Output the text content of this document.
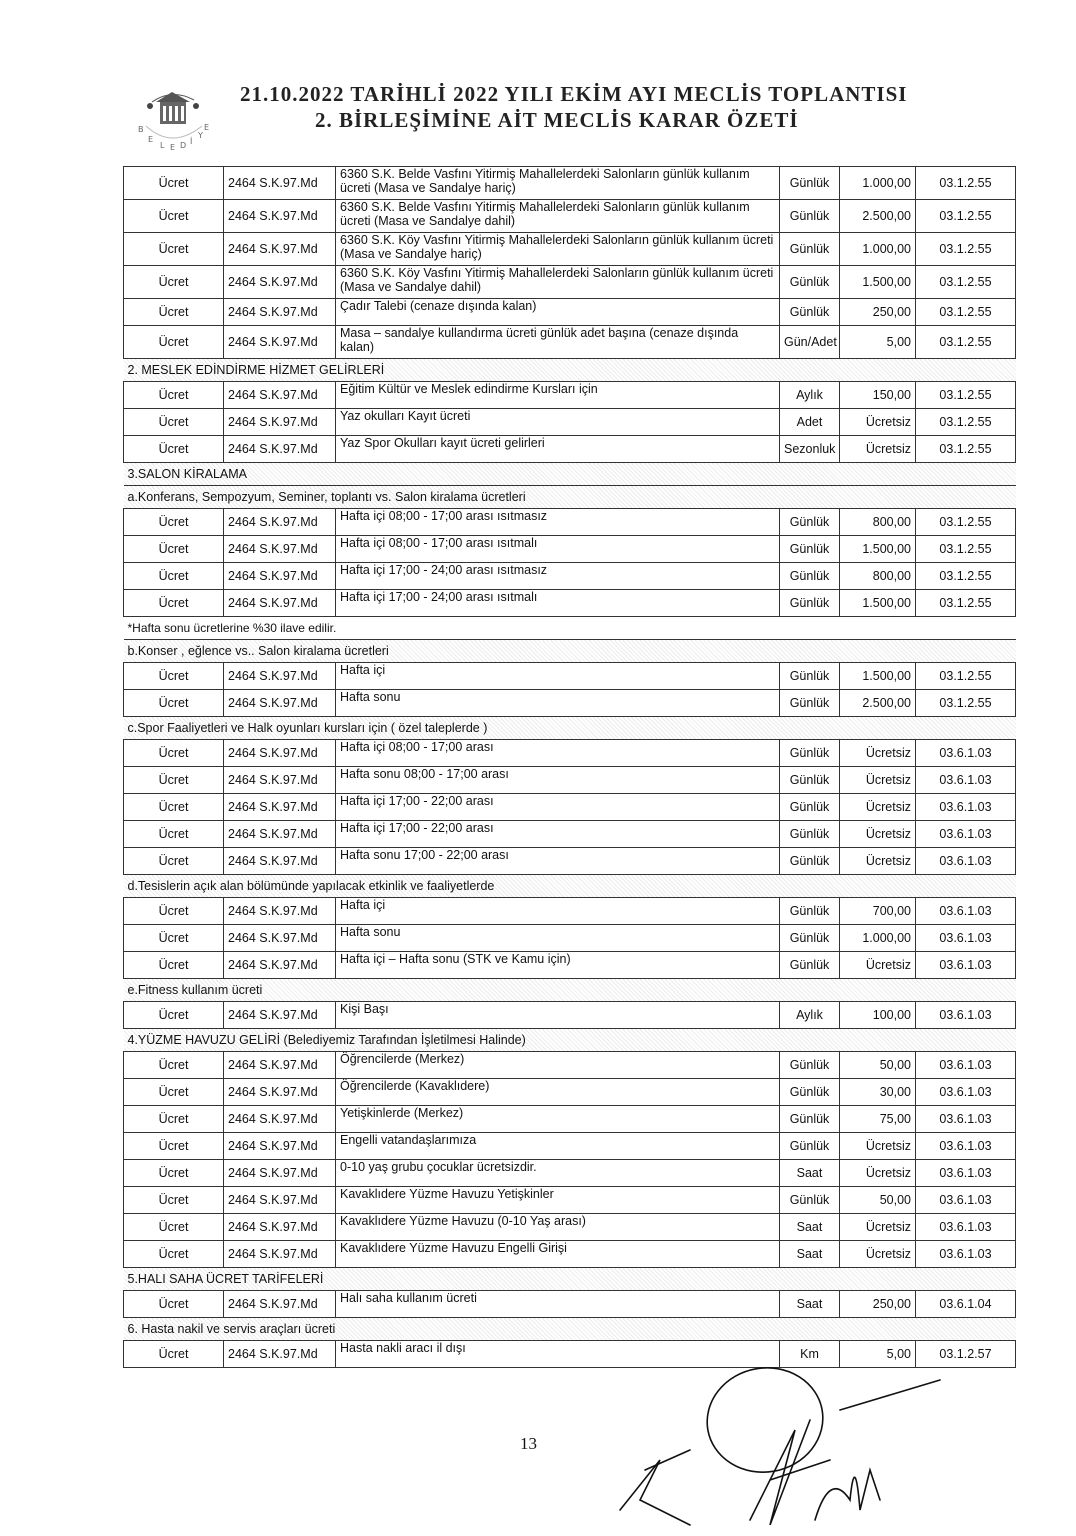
B
E
L E D İ
Y
E
21.10.2022 TARİHLİ 2022 YILI EKİM AYI MECLİS TOPLANTISI
2. BİRLEŞİMİNE AİT MECLİS KARAR ÖZETİ
Ücret	2464 S.K.97.Md	6360 S.K. Belde Vasfını Yitirmiş Mahallelerdeki Salonların günlük kullanım ücreti (Masa ve Sandalye hariç)	Günlük	1.000,00	03.1.2.55
Ücret	2464 S.K.97.Md	6360 S.K. Belde Vasfını Yitirmiş Mahallelerdeki Salonların günlük kullanım ücreti (Masa ve Sandalye dahil)	Günlük	2.500,00	03.1.2.55
Ücret	2464 S.K.97.Md	6360 S.K. Köy Vasfını Yitirmiş Mahallelerdeki Salonların günlük kullanım ücreti (Masa ve Sandalye hariç)	Günlük	1.000,00	03.1.2.55
Ücret	2464 S.K.97.Md	6360 S.K. Köy Vasfını Yitirmiş Mahallelerdeki Salonların günlük kullanım ücreti (Masa ve Sandalye dahil)	Günlük	1.500,00	03.1.2.55
Ücret	2464 S.K.97.Md	Çadır Talebi (cenaze dışında kalan)	Günlük	250,00	03.1.2.55
Ücret	2464 S.K.97.Md	Masa – sandalye kullandırma ücreti günlük adet başına (cenaze dışında kalan)	Gün/Adet	5,00	03.1.2.55
2. MESLEK EDİNDİRME HİZMET GELİRLERİ					
Ücret	2464 S.K.97.Md	Eğitim Kültür ve Meslek edindirme Kursları için	Aylık	150,00	03.1.2.55
Ücret	2464 S.K.97.Md	Yaz okulları Kayıt ücreti	Adet	Ücretsiz	03.1.2.55
Ücret	2464 S.K.97.Md	Yaz Spor Okulları kayıt ücreti gelirleri	Sezonluk	Ücretsiz	03.1.2.55
3.SALON KİRALAMA					
a.Konferans, Sempozyum, Seminer, toplantı vs. Salon kiralama ücretleri					
Ücret	2464 S.K.97.Md	Hafta içi 08;00 - 17;00 arası ısıtmasız	Günlük	800,00	03.1.2.55
Ücret	2464 S.K.97.Md	Hafta içi 08;00 - 17;00 arası ısıtmalı	Günlük	1.500,00	03.1.2.55
Ücret	2464 S.K.97.Md	Hafta içi 17;00 - 24;00 arası ısıtmasız	Günlük	800,00	03.1.2.55
Ücret	2464 S.K.97.Md	Hafta içi 17;00 - 24;00 arası ısıtmalı	Günlük	1.500,00	03.1.2.55
*Hafta sonu ücretlerine %30 ilave edilir.					
b.Konser , eğlence vs.. Salon kiralama ücretleri					
Ücret	2464 S.K.97.Md	Hafta içi	Günlük	1.500,00	03.1.2.55
Ücret	2464 S.K.97.Md	Hafta sonu	Günlük	2.500,00	03.1.2.55
c.Spor Faaliyetleri ve Halk oyunları kursları için ( özel taleplerde )					
Ücret	2464 S.K.97.Md	Hafta içi 08;00 - 17;00 arası	Günlük	Ücretsiz	03.6.1.03
Ücret	2464 S.K.97.Md	Hafta sonu 08;00 - 17;00 arası	Günlük	Ücretsiz	03.6.1.03
Ücret	2464 S.K.97.Md	Hafta içi 17;00 - 22;00 arası	Günlük	Ücretsiz	03.6.1.03
Ücret	2464 S.K.97.Md	Hafta içi 17;00 - 22;00 arası	Günlük	Ücretsiz	03.6.1.03
Ücret	2464 S.K.97.Md	Hafta sonu 17;00 - 22;00 arası	Günlük	Ücretsiz	03.6.1.03
d.Tesislerin açık alan bölümünde yapılacak etkinlik ve faaliyetlerde					
Ücret	2464 S.K.97.Md	Hafta içi	Günlük	700,00	03.6.1.03
Ücret	2464 S.K.97.Md	Hafta sonu	Günlük	1.000,00	03.6.1.03
Ücret	2464 S.K.97.Md	Hafta içi – Hafta sonu (STK ve Kamu için)	Günlük	Ücretsiz	03.6.1.03
e.Fitness kullanım ücreti					
Ücret	2464 S.K.97.Md	Kişi Başı	Aylık	100,00	03.6.1.03
4.YÜZME HAVUZU GELİRİ (Belediyemiz Tarafından İşletilmesi Halinde)					
Ücret	2464 S.K.97.Md	Öğrencilerde (Merkez)	Günlük	50,00	03.6.1.03
Ücret	2464 S.K.97.Md	Öğrencilerde (Kavaklıdere)	Günlük	30,00	03.6.1.03
Ücret	2464 S.K.97.Md	Yetişkinlerde (Merkez)	Günlük	75,00	03.6.1.03
Ücret	2464 S.K.97.Md	Engelli vatandaşlarımıza	Günlük	Ücretsiz	03.6.1.03
Ücret	2464 S.K.97.Md	0-10 yaş grubu çocuklar ücretsizdir.	Saat	Ücretsiz	03.6.1.03
Ücret	2464 S.K.97.Md	Kavaklıdere Yüzme Havuzu Yetişkinler	Günlük	50,00	03.6.1.03
Ücret	2464 S.K.97.Md	Kavaklıdere Yüzme Havuzu (0-10 Yaş arası)	Saat	Ücretsiz	03.6.1.03
Ücret	2464 S.K.97.Md	Kavaklıdere Yüzme Havuzu Engelli Girişi	Saat	Ücretsiz	03.6.1.03
5.HALI SAHA ÜCRET TARİFELERİ					
Ücret	2464 S.K.97.Md	Halı saha kullanım ücreti	Saat	250,00	03.6.1.04
6. Hasta nakil ve servis araçları ücreti					
Ücret	2464 S.K.97.Md	Hasta nakli aracı il dışı	Km	5,00	03.1.2.57
13
